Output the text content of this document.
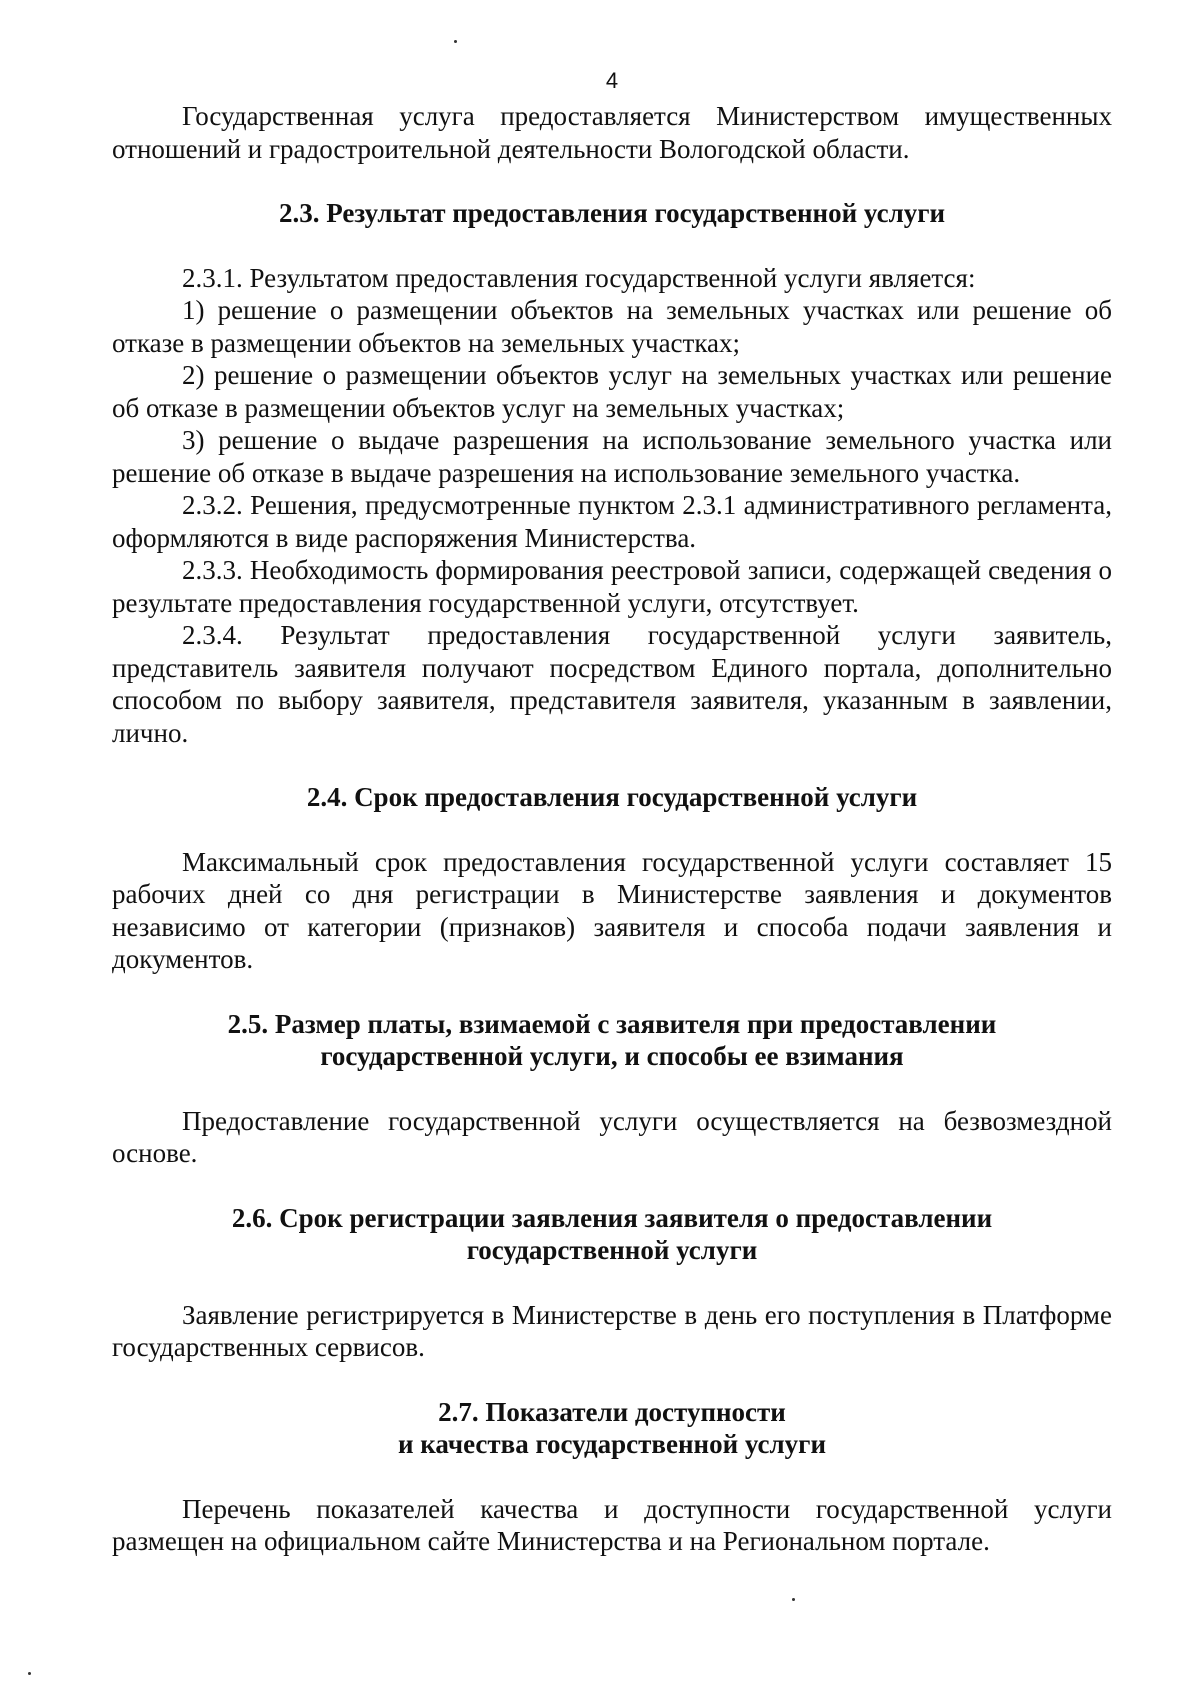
4

Государственная услуга предоставляется Министерством имущественных отношений и градостроительной деятельности Вологодской области.

2.3. Результат предоставления государственной услуги

2.3.1. Результатом предоставления государственной услуги является:

1) решение о размещении объектов на земельных участках или решение об отказе в размещении объектов на земельных участках;

2) решение о размещении объектов услуг на земельных участках или решение об отказе в размещении объектов услуг на земельных участках;

3) решение о выдаче разрешения на использование земельного участка или решение об отказе в выдаче разрешения на использование земельного участка.

2.3.2. Решения, предусмотренные пунктом 2.3.1 административного регламента, оформляются в виде распоряжения Министерства.

2.3.3. Необходимость формирования реестровой записи, содержащей сведения о результате предоставления государственной услуги, отсутствует.

2.3.4. Результат предоставления государственной услуги заявитель, представитель заявителя получают посредством Единого портала, дополнительно способом по выбору заявителя, представителя заявителя, указанным в заявлении, лично.

2.4. Срок предоставления государственной услуги

Максимальный срок предоставления государственной услуги составляет 15 рабочих дней со дня регистрации в Министерстве заявления и документов независимо от категории (признаков) заявителя и способа подачи заявления и документов.

2.5. Размер платы, взимаемой с заявителя при предоставлении
государственной услуги, и способы ее взимания

Предоставление государственной услуги осуществляется на безвозмездной основе.

2.6. Срок регистрации заявления заявителя о предоставлении
государственной услуги

Заявление регистрируется в Министерстве в день его поступления в Платформе государственных сервисов.

2.7. Показатели доступности
и качества государственной услуги

Перечень показателей качества и доступности государственной услуги размещен на официальном сайте Министерства и на Региональном портале.
